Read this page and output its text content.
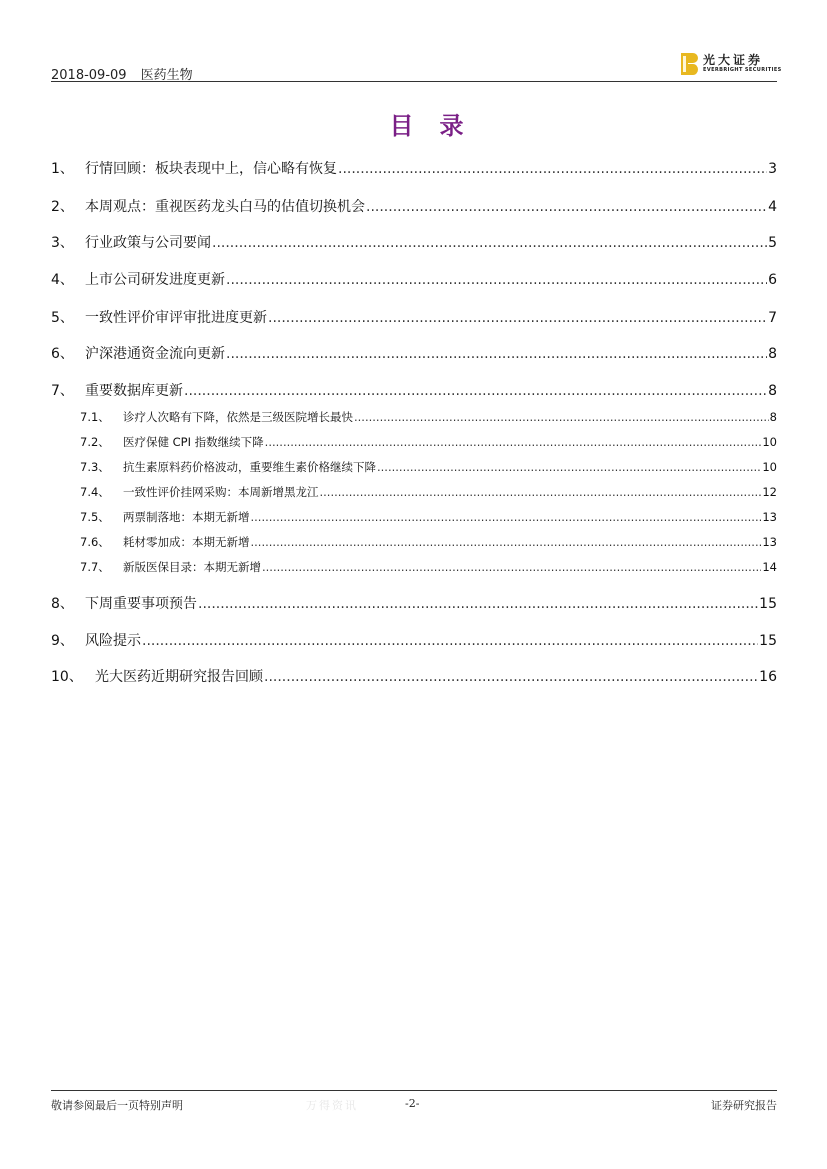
2018-09-09 医药生物
光大证券
EVERBRIGHT SECURITIES
目录
1、 行情回顾：板块表现中上，信心略有恢复 .....	3
2、 本周观点：重视医药龙头白马的估值切换机会 .....	4
3、 行业政策与公司要闻 .....	5
4、 上市公司研发进度更新 .....	6
5、 一致性评价审评审批进度更新 .....	7
6、 沪深港通资金流向更新 .....	8
7、 重要数据库更新 .....	8
7.1、	诊疗人次略有下降，依然是三级医院增长最快 .....	8
7.2、	医疗保健 CPI 指数继续下降 .....	10
7.3、	抗生素原料药价格波动，重要维生素价格继续下降 .....	10
7.4、	一致性评价挂网采购：本周新增黑龙江 .....	12
7.5、	两票制落地：本期无新增 .....	13
7.6、	耗材零加成：本期无新增 .....	13
7.7、	新版医保目录：本期无新增 .....	14
8、 下周重要事项预告 .....	15
9、 风险提示 .....	15
10、 光大医药近期研究报告回顾 .....	16
敬请参阅最后一页特别声明	万得资讯	-2-	证券研究报告
